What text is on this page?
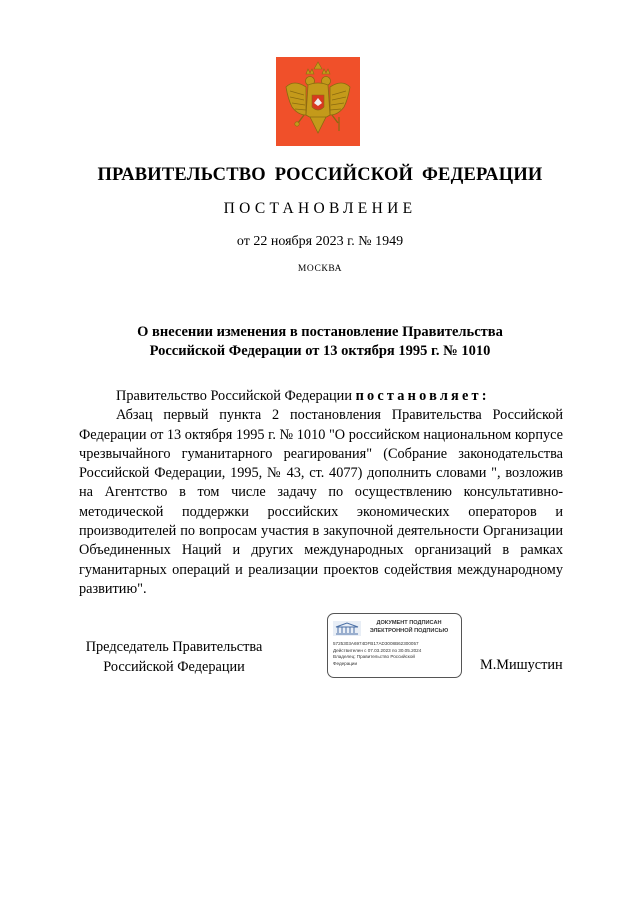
ПРАВИТЕЛЬСТВО РОССИЙСКОЙ ФЕДЕРАЦИИ
ПОСТАНОВЛЕНИЕ
от 22 ноября 2023 г. № 1949
МОСКВА
О внесении изменения в постановление Правительства
Российской Федерации от 13 октября 1995 г. № 1010

Правительство Российской Федерации постановляет:

Абзац первый пункта 2 постановления Правительства Российской Федерации от 13 октября 1995 г. № 1010 "О российском национальном корпусе чрезвычайного гуманитарного реагирования" (Собрание законодательства Российской Федерации, 1995, № 43, ст. 4077) дополнить словами ", возложив на Агентство в том числе задачу по осуществлению консультативно-методической поддержки российских экономических операторов и производителей по вопросам участия в закупочной деятельности Организации Объединенных Наций и других международных организаций в рамках гуманитарных операций и реализации проектов содействия международному развитию".

Председатель Правительства
Российской Федерации
ДОКУМЕНТ ПОДПИСАН
ЭЛЕКТРОННОЙ ПОДПИСЬЮ
5725303A6974DFB17AD3008B62300057
Действителен с 07.03.2023 по 30.05.2024
Владелец: Правительство Российской
Федерации	М.Мишустин
